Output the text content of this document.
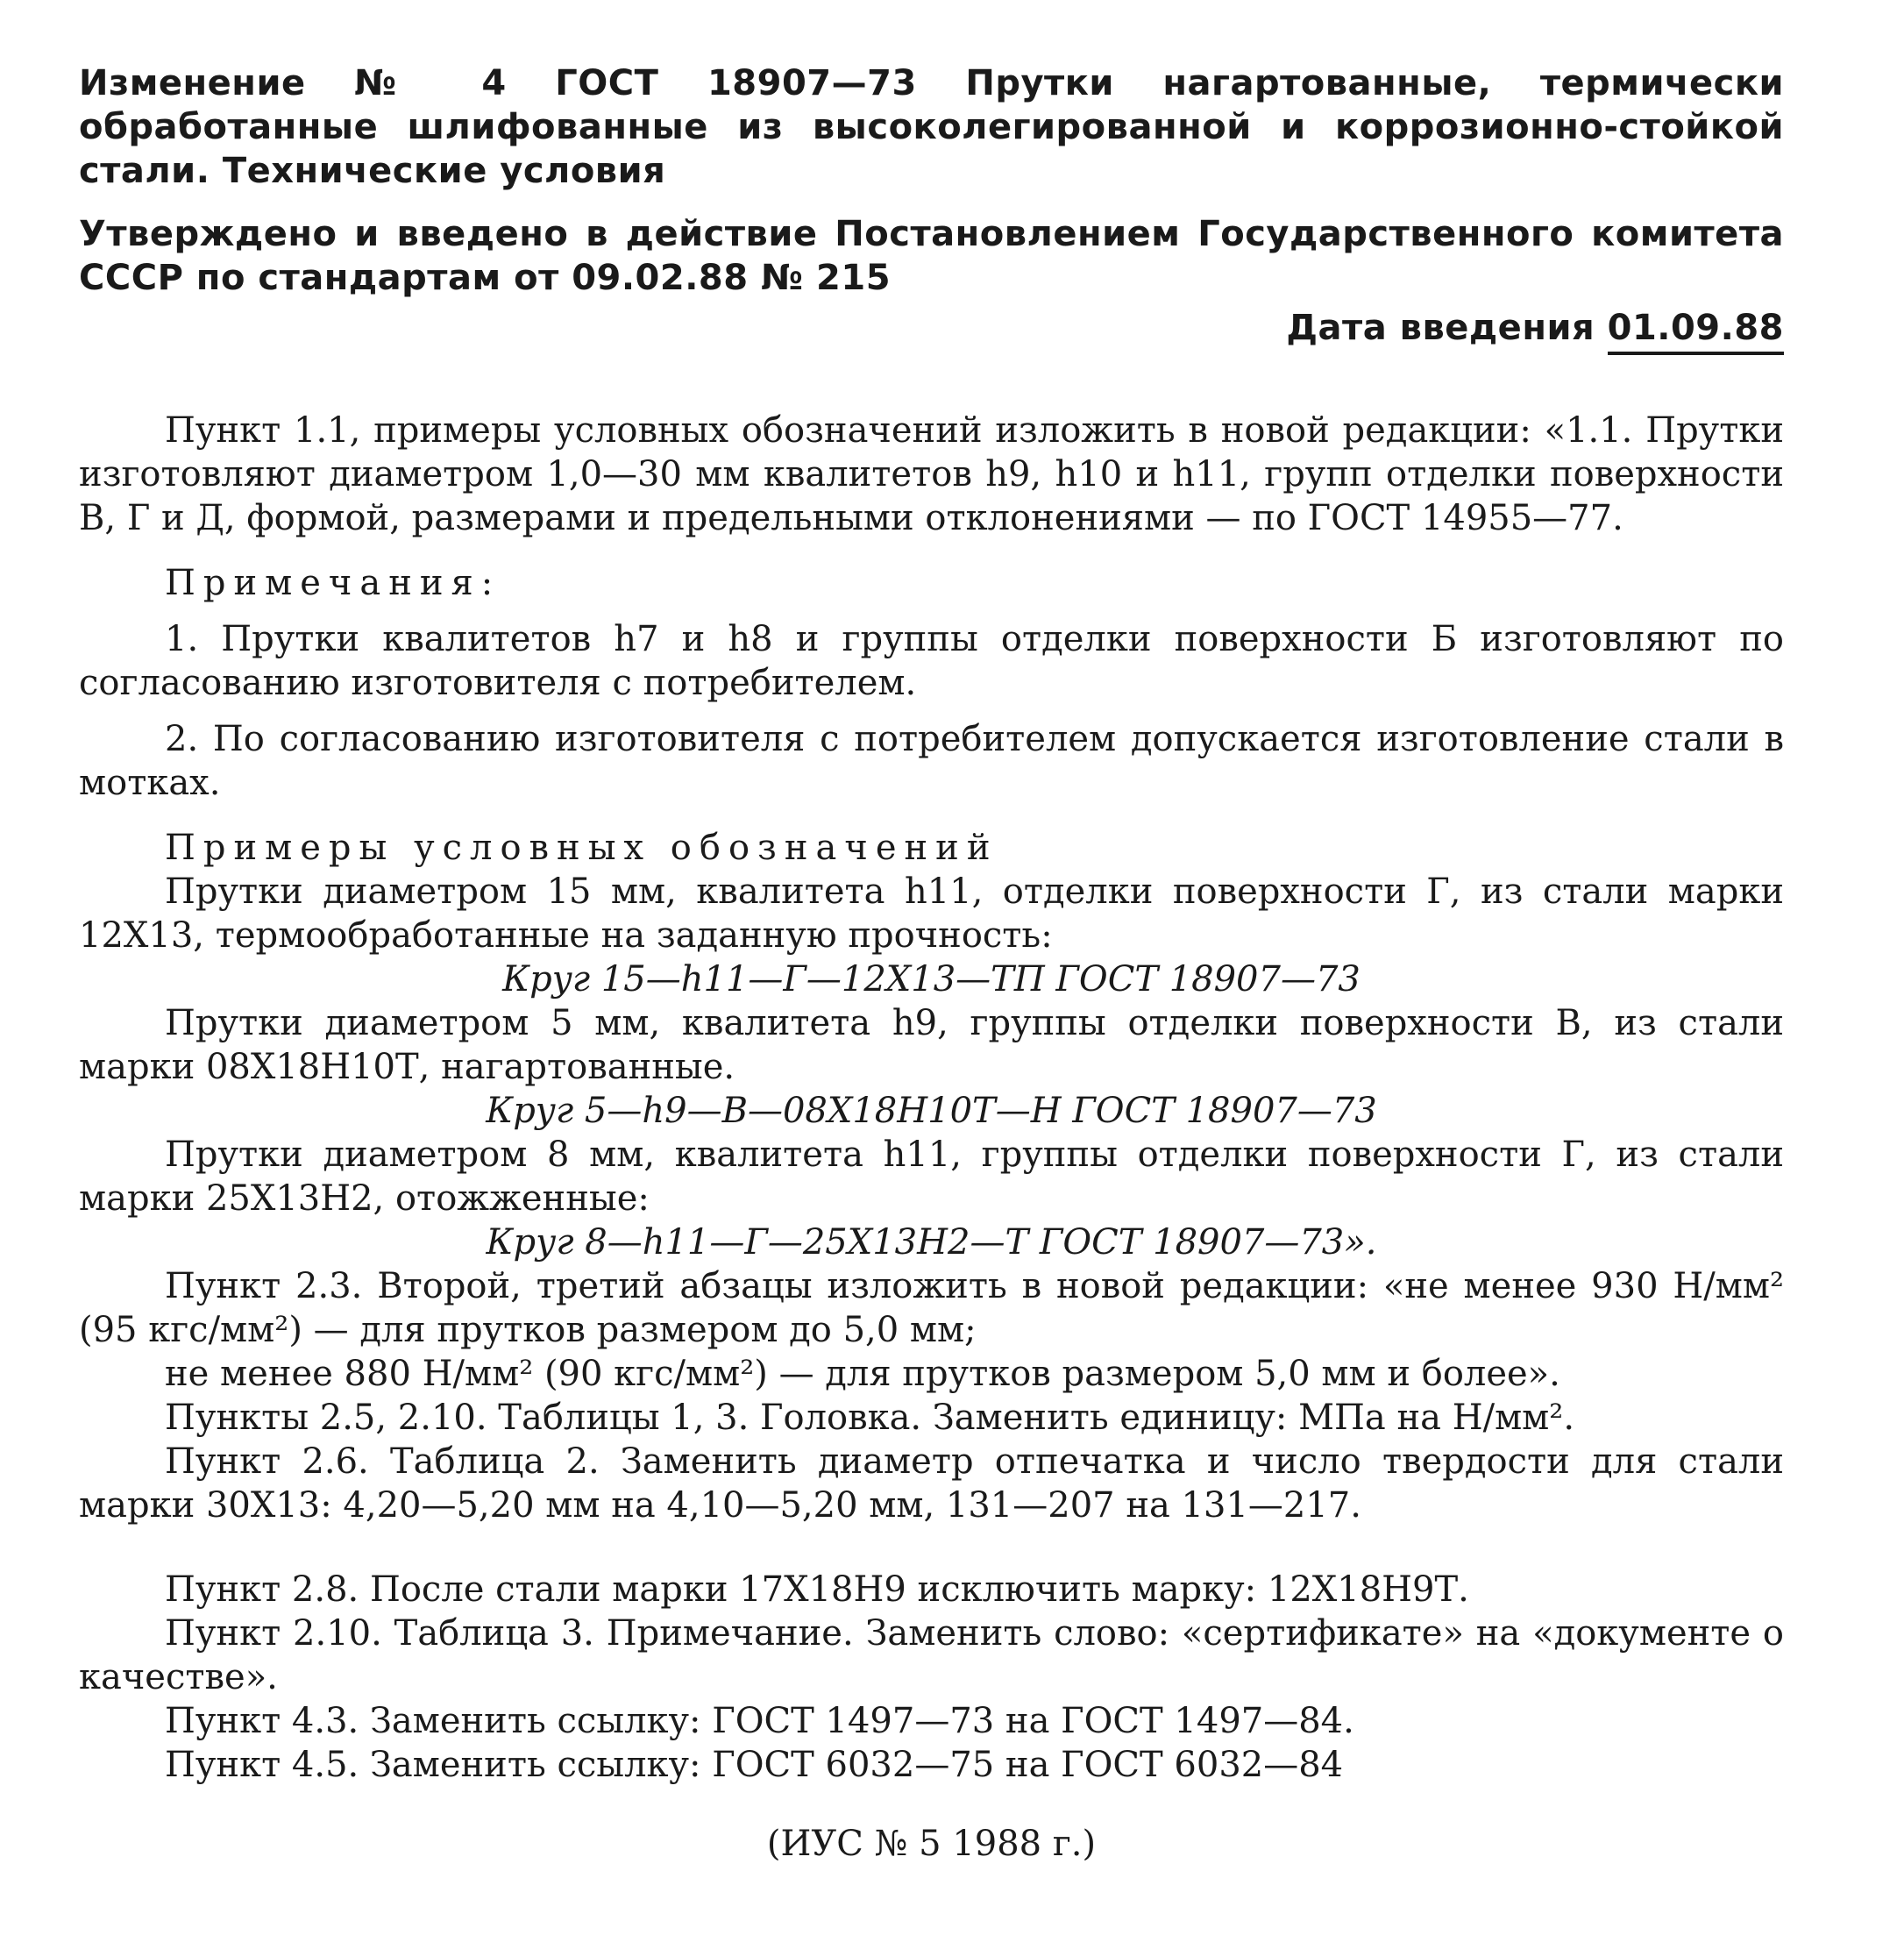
Изменение № 4 ГОСТ 18907—73 Прутки нагартованные, термически обработанные шлифованные из высоколегированной и коррозионно-стойкой стали. Технические условия

Утверждено и введено в действие Постановлением Государственного комитета СССР по стандартам от 09.02.88 № 215

Дата введения 01.09.88

Пункт 1.1, примеры условных обозначений изложить в новой редакции: «1.1. Прутки изготовляют диаметром 1,0—30 мм квалитетов h9, h10 и h11, групп отделки поверхности В, Г и Д, формой, размерами и предельными отклонениями — по ГОСТ 14955—77.

Примечания:

1. Прутки квалитетов h7 и h8 и группы отделки поверхности Б изготовляют по согласованию изготовителя с потребителем.

2. По согласованию изготовителя с потребителем допускается изготовление стали в мотках.

Примеры условных обозначений

Прутки диаметром 15 мм, квалитета h11, отделки поверхности Г, из стали марки 12Х13, термообработанные на заданную прочность:

Круг 15—h11—Г—12Х13—ТП ГОСТ 18907—73

Прутки диаметром 5 мм, квалитета h9, группы отделки поверхности В, из стали марки 08Х18Н10Т, нагартованные.

Круг 5—h9—В—08Х18Н10Т—Н ГОСТ 18907—73

Прутки диаметром 8 мм, квалитета h11, группы отделки поверхности Г, из стали марки 25Х13Н2, отожженные:

Круг 8—h11—Г—25Х13Н2—Т ГОСТ 18907—73».

Пункт 2.3. Второй, третий абзацы изложить в новой редакции: «не менее 930 Н/мм² (95 кгс/мм²) — для прутков размером до 5,0 мм;

не менее 880 Н/мм² (90 кгс/мм²) — для прутков размером 5,0 мм и более».

Пункты 2.5, 2.10. Таблицы 1, 3. Головка. Заменить единицу: МПа на Н/мм².

Пункт 2.6. Таблица 2. Заменить диаметр отпечатка и число твердости для стали марки 30Х13: 4,20—5,20 мм на 4,10—5,20 мм, 131—207 на 131—217.

Пункт 2.8. После стали марки 17Х18Н9 исключить марку: 12Х18Н9Т.

Пункт 2.10. Таблица 3. Примечание. Заменить слово: «сертификате» на «документе о качестве».

Пункт 4.3. Заменить ссылку: ГОСТ 1497—73 на ГОСТ 1497—84.

Пункт 4.5. Заменить ссылку: ГОСТ 6032—75 на ГОСТ 6032—84

(ИУС № 5 1988 г.)
